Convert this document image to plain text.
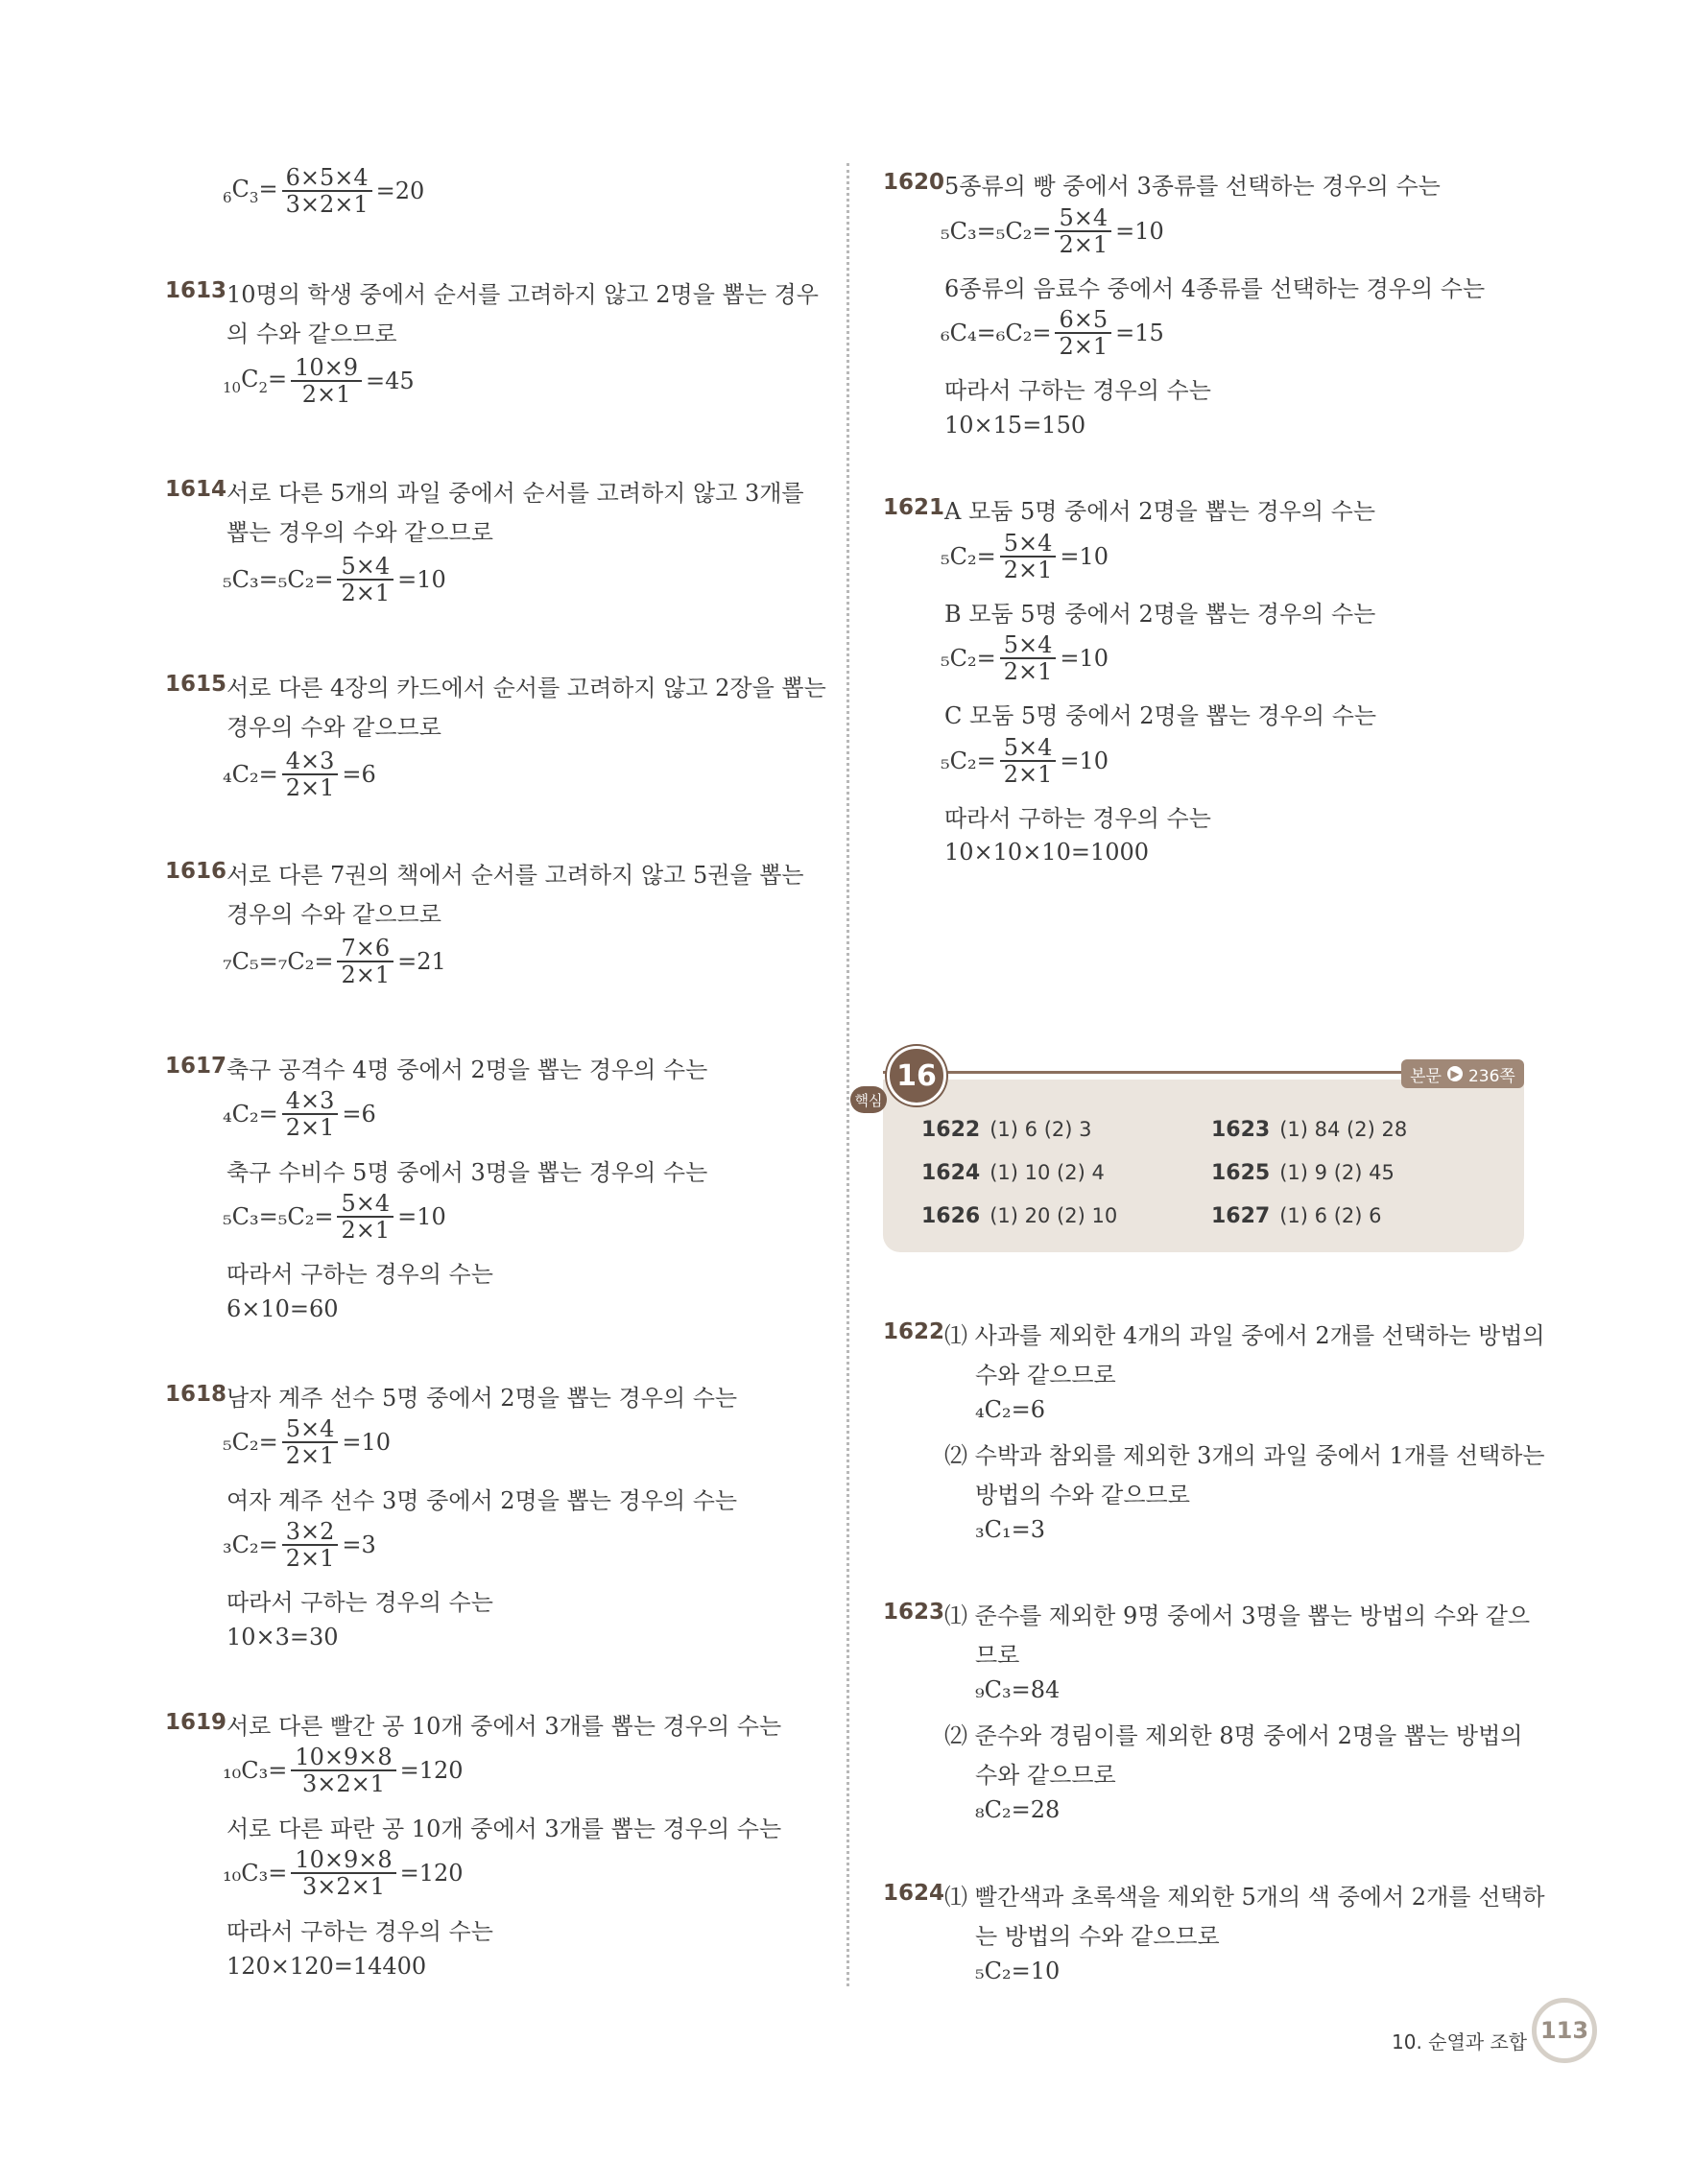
$_6C_3= \frac{6\times 5\times 4}{3\times 2\times 1} =20$
1613 10명의 학생 중에서 순서를 고려하지 않고 2명을 뽑는 경우
의 수와 같으므로
$_{10}C_2= \frac{10\times 9}{2\times 1} =45$
1614 서로 다른 5개의 과일 중에서 순서를 고려하지 않고 3개를
뽑는 경우의 수와 같으므로
$_5C_3=_5C_2= \frac{5\times 4}{2\times 1} =10$
1615 서로 다른 4장의 카드에서 순서를 고려하지 않고 2장을 뽑는
경우의 수와 같으므로
$_4C_2= \frac{4\times 3}{2\times 1} =6$
1616 서로 다른 7권의 책에서 순서를 고려하지 않고 5권을 뽑는
경우의 수와 같으므로
$_7C_5=_7C_2= \frac{7\times 6}{2\times 1} =21$
1617 축구 공격수 4명 중에서 2명을 뽑는 경우의 수는
$_4C_2= \frac{4\times 3}{2\times 1} =6$
축구 수비수 5명 중에서 3명을 뽑는 경우의 수는
$_5C_3=_5C_2= \frac{5\times 4}{2\times 1} =10$
따라서 구하는 경우의 수는
6×10=60
1618 남자 계주 선수 5명 중에서 2명을 뽑는 경우의 수는
$_5C_2= \frac{5\times 4}{2\times 1} =10$
여자 계주 선수 3명 중에서 2명을 뽑는 경우의 수는
$_3C_2= \frac{3\times 2}{2\times 1} =3$
따라서 구하는 경우의 수는
10×3=30
1619 서로 다른 빨간 공 10개 중에서 3개를 뽑는 경우의 수는
$_{10}C_3= \frac{10\times 9\times 8}{3\times 2\times 1} =120$
서로 다른 파란 공 10개 중에서 3개를 뽑는 경우의 수는
$_{10}C_3= \frac{10\times 9\times 8}{3\times 2\times 1} =120$
따라서 구하는 경우의 수는
120×120=14400
1620 5종류의 빵 중에서 3종류를 선택하는 경우의 수는
$_5C_3=_5C_2= \frac{5\times 4}{2\times 1} =10$
6종류의 음료수 중에서 4종류를 선택하는 경우의 수는
$_6C_4=_6C_2= \frac{6\times 5}{2\times 1} =15$
따라서 구하는 경우의 수는
10×15=150
1621 A 모둠 5명 중에서 2명을 뽑는 경우의 수는
$_5C_2= \frac{5\times 4}{2\times 1} =10$
B 모둠 5명 중에서 2명을 뽑는 경우의 수는
$_5C_2= \frac{5\times 4}{2\times 1} =10$
C 모둠 5명 중에서 2명을 뽑는 경우의 수는
$_5C_2= \frac{5\times 4}{2\times 1} =10$
따라서 구하는 경우의 수는
10×10×10=1000
1622 (1) 6 (2) 3	1623 (1) 84 (2) 28
1624 (1) 10 (2) 4	1625 (1) 9 (2) 45
1626 (1) 20 (2) 10	1627 (1) 6 (2) 6
16
핵심
본문 ▶ 236쪽
1622 ⑴ 사과를 제외한 4개의 과일 중에서 2개를 선택하는 방법의
수와 같으므로
₄C₂=6
⑵ 수박과 참외를 제외한 3개의 과일 중에서 1개를 선택하는
방법의 수와 같으므로
₃C₁=3
1623 ⑴ 준수를 제외한 9명 중에서 3명을 뽑는 방법의 수와 같으
므로
₉C₃=84
⑵ 준수와 경림이를 제외한 8명 중에서 2명을 뽑는 방법의
수와 같으므로
₈C₂=28
1624 ⑴ 빨간색과 초록색을 제외한 5개의 색 중에서 2개를 선택하
는 방법의 수와 같으므로
₅C₂=10
10. 순열과 조합 113
